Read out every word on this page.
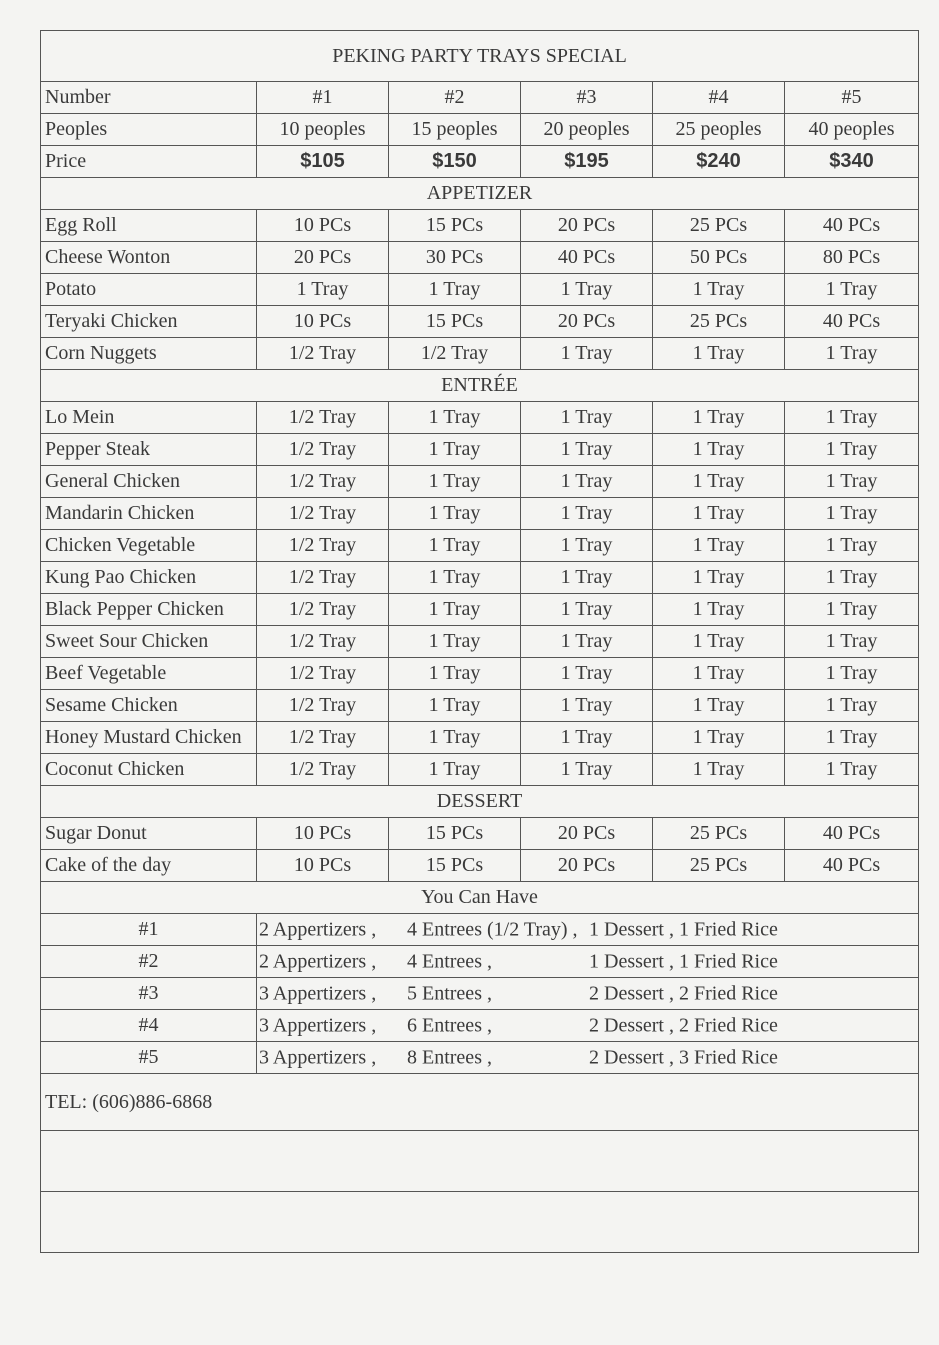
PEKING PARTY TRAYS SPECIAL					
Number	#1	#2	#3	#4	#5
Peoples	10 peoples	15 peoples	20 peoples	25 peoples	40 peoples
Price	$105	$150	$195	$240	$340
APPETIZER					
Egg Roll	10 PCs	15 PCs	20 PCs	25 PCs	40 PCs
Cheese Wonton	20 PCs	30 PCs	40 PCs	50 PCs	80 PCs
Potato	1 Tray	1 Tray	1 Tray	1 Tray	1 Tray
Teryaki Chicken	10 PCs	15 PCs	20 PCs	25 PCs	40 PCs
Corn Nuggets	1/2 Tray	1/2 Tray	1 Tray	1 Tray	1 Tray
ENTRÉE					
Lo Mein	1/2 Tray	1 Tray	1 Tray	1 Tray	1 Tray
Pepper Steak	1/2 Tray	1 Tray	1 Tray	1 Tray	1 Tray
General Chicken	1/2 Tray	1 Tray	1 Tray	1 Tray	1 Tray
Mandarin Chicken	1/2 Tray	1 Tray	1 Tray	1 Tray	1 Tray
Chicken Vegetable	1/2 Tray	1 Tray	1 Tray	1 Tray	1 Tray
Kung Pao Chicken	1/2 Tray	1 Tray	1 Tray	1 Tray	1 Tray
Black Pepper Chicken	1/2 Tray	1 Tray	1 Tray	1 Tray	1 Tray
Sweet Sour Chicken	1/2 Tray	1 Tray	1 Tray	1 Tray	1 Tray
Beef Vegetable	1/2 Tray	1 Tray	1 Tray	1 Tray	1 Tray
Sesame Chicken	1/2 Tray	1 Tray	1 Tray	1 Tray	1 Tray
Honey Mustard Chicken	1/2 Tray	1 Tray	1 Tray	1 Tray	1 Tray
Coconut Chicken	1/2 Tray	1 Tray	1 Tray	1 Tray	1 Tray
DESSERT					
Sugar Donut	10 PCs	15 PCs	20 PCs	25 PCs	40 PCs
Cake of the day	10 PCs	15 PCs	20 PCs	25 PCs	40 PCs
You Can Have					
#1	2 Appertizers , 4 Entrees (1/2 Tray) , 1 Dessert , 1 Fried Rice				

#2	2 Appertizers , 4 Entrees , 1 Dessert , 1 Fried Rice				

#3	3 Appertizers , 5 Entrees , 2 Dessert , 2 Fried Rice				

#4	3 Appertizers , 6 Entrees , 2 Dessert , 2 Fried Rice				

#5	3 Appertizers , 8 Entrees , 2 Dessert , 3 Fried Rice				

TEL: (606)886-6868					
